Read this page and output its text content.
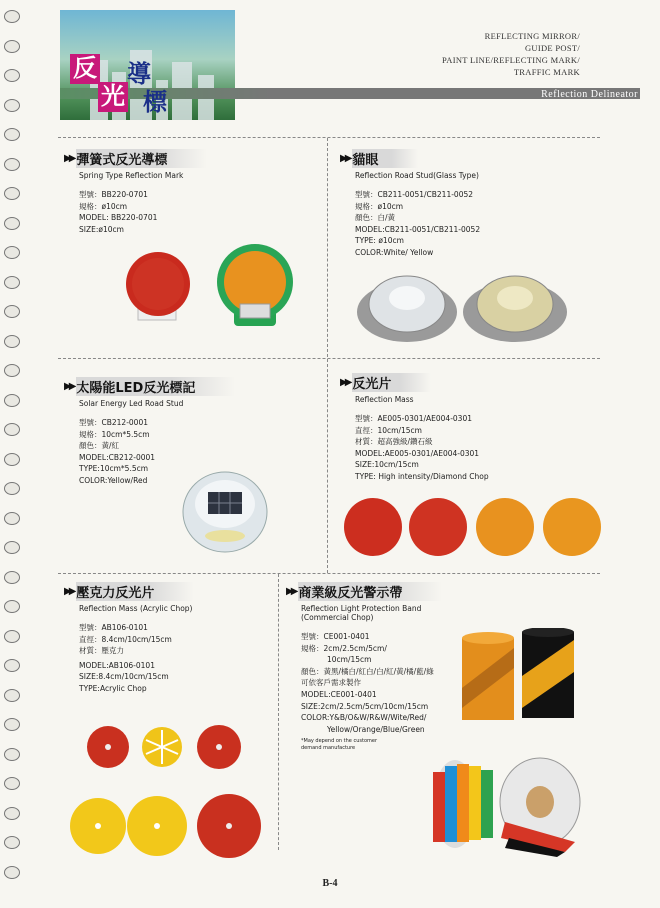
Reflection Delineator
REFLECTING MIRROR/
GUIDE POST/
PAINT LINE/REFLECTING MARK/
TRAFFIC MARK
反
光
導
標
▶▶ 彈簧式反光導標
Spring Type Reflection Mark
型號：BB220-0701
規格：ø10cm
MODEL: BB220-0701
SIZE:ø10cm
▶▶ 貓眼
Reflection Road Stud(Glass Type)
型號：CB211-0051/CB211-0052
規格：ø10cm
顏色：白/黃
MODEL:CB211-0051/CB211-0052
TYPE: ø10cm
COLOR:White/ Yellow
▶▶ 太陽能LED反光標記
Solar Energy Led Road Stud
型號：CB212-0001
規格：10cm*5.5cm
顏色：黃/紅
MODEL:CB212-0001
TYPE:10cm*5.5cm
COLOR:Yellow/Red
▶▶ 反光片
Reflection Mass
型號：AE005-0301/AE004-0301
直徑：10cm/15cm
材質：超高強級/鑽石級
MODEL:AE005-0301/AE004-0301
SIZE:10cm/15cm
TYPE: High intensity/Diamond Chop
▶▶ 壓克力反光片
Reflection Mass (Acrylic Chop)
型號：AB106-0101
直徑：8.4cm/10cm/15cm
材質：壓克力
MODEL:AB106-0101
SIZE:8.4cm/10cm/15cm
TYPE:Acrylic Chop
▶▶ 商業級反光警示帶
Reflection Light Protection Band
(Commercial Chop)
型號：CE001-0401
規格：2cm/2.5cm/5cm/
10cm/15cm
顏色：黃黑/橘白/紅白/白/紅/黃/橘/藍/綠
可依客戶需求製作
MODEL:CE001-0401
SIZE:2cm/2.5cm/5cm/10cm/15cm
COLOR:Y&B/O&W/R&W/Wite/Red/
Yellow/Orange/Blue/Green
*May depend on the customer
demand manufacture
B-4
